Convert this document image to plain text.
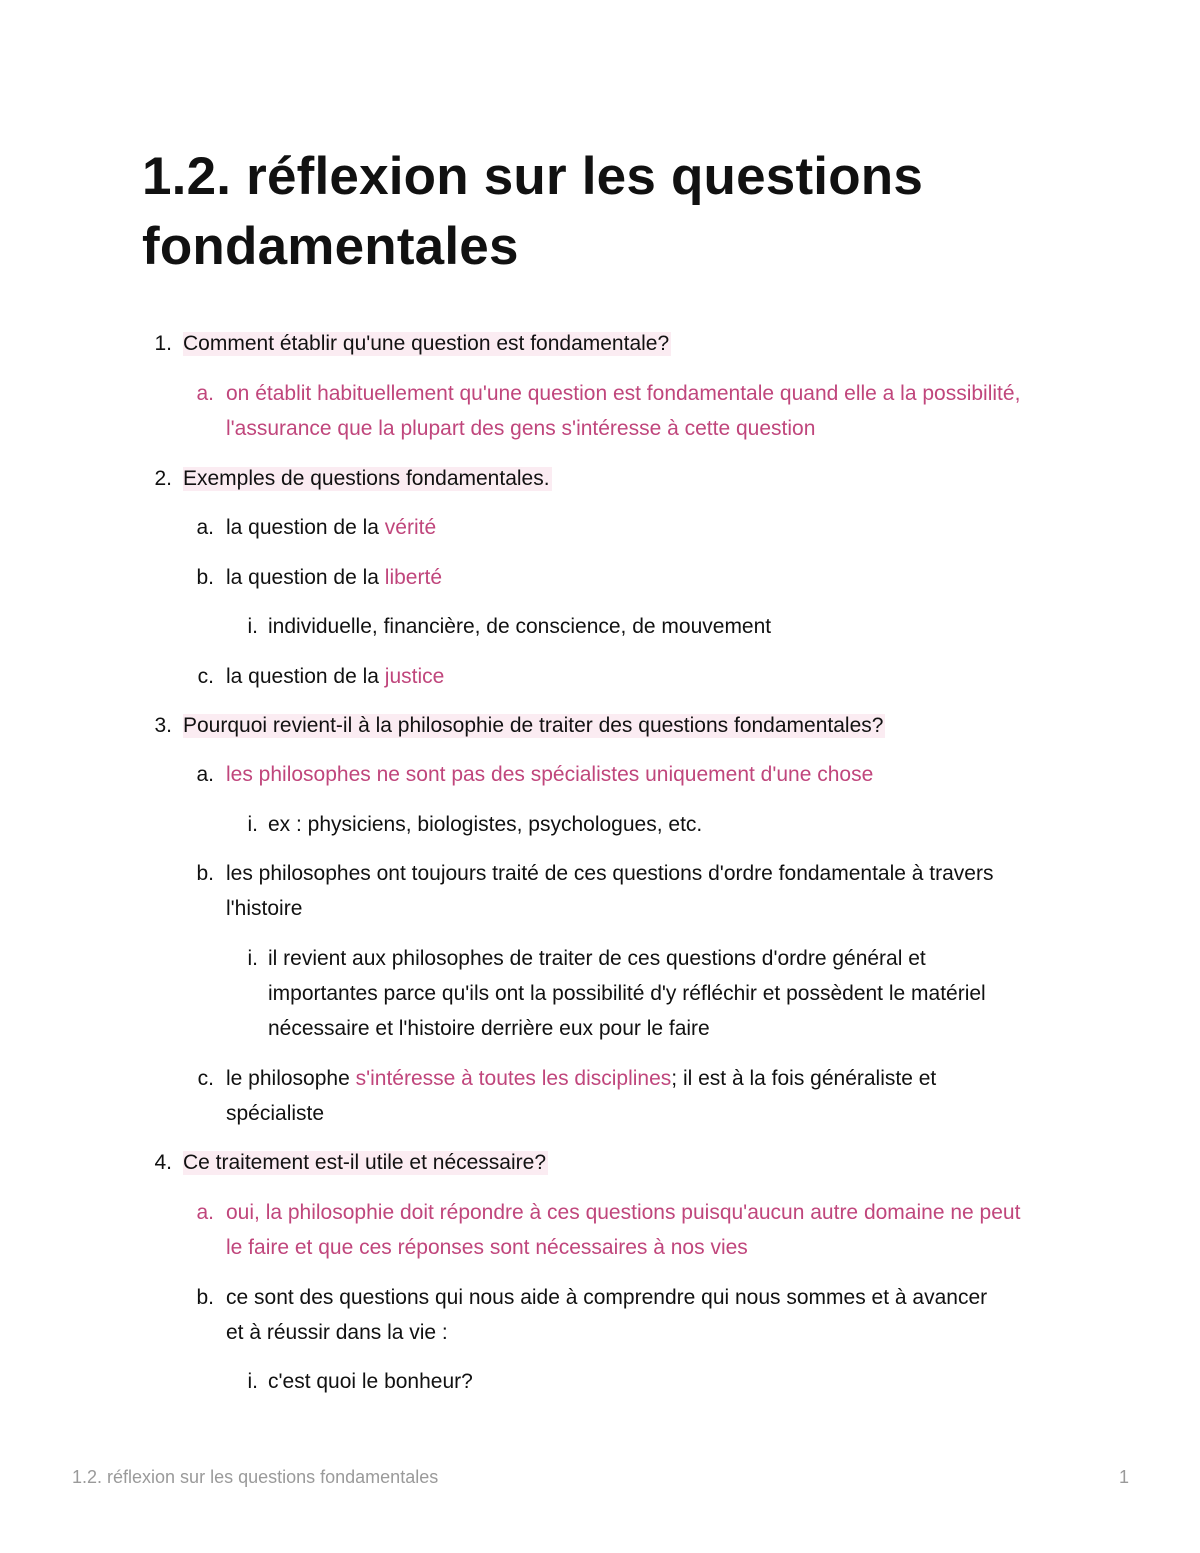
1.2. réflexion sur les questions fondamentales
1. Comment établir qu'une question est fondamentale?
a. on établit habituellement qu'une question est fondamentale quand elle a la possibilité, l'assurance que la plupart des gens s'intéresse à cette question
2. Exemples de questions fondamentales.
a. la question de la vérité
b. la question de la liberté
i. individuelle, financière, de conscience, de mouvement
c. la question de la justice
3. Pourquoi revient-il à la philosophie de traiter des questions fondamentales?
a. les philosophes ne sont pas des spécialistes uniquement d'une chose
i. ex : physiciens, biologistes, psychologues, etc.
b. les philosophes ont toujours traité de ces questions d'ordre fondamentale à travers l'histoire
i. il revient aux philosophes de traiter de ces questions d'ordre général et importantes parce qu'ils ont la possibilité d'y réfléchir et possèdent le matériel nécessaire et l'histoire derrière eux pour le faire
c. le philosophe s'intéresse à toutes les disciplines; il est à la fois généraliste et spécialiste
4. Ce traitement est-il utile et nécessaire?
a. oui, la philosophie doit répondre à ces questions puisqu'aucun autre domaine ne peut le faire et que ces réponses sont nécessaires à nos vies
b. ce sont des questions qui nous aide à comprendre qui nous sommes et à avancer et à réussir dans la vie :
i. c'est quoi le bonheur?
1.2. réflexion sur les questions fondamentales	1
